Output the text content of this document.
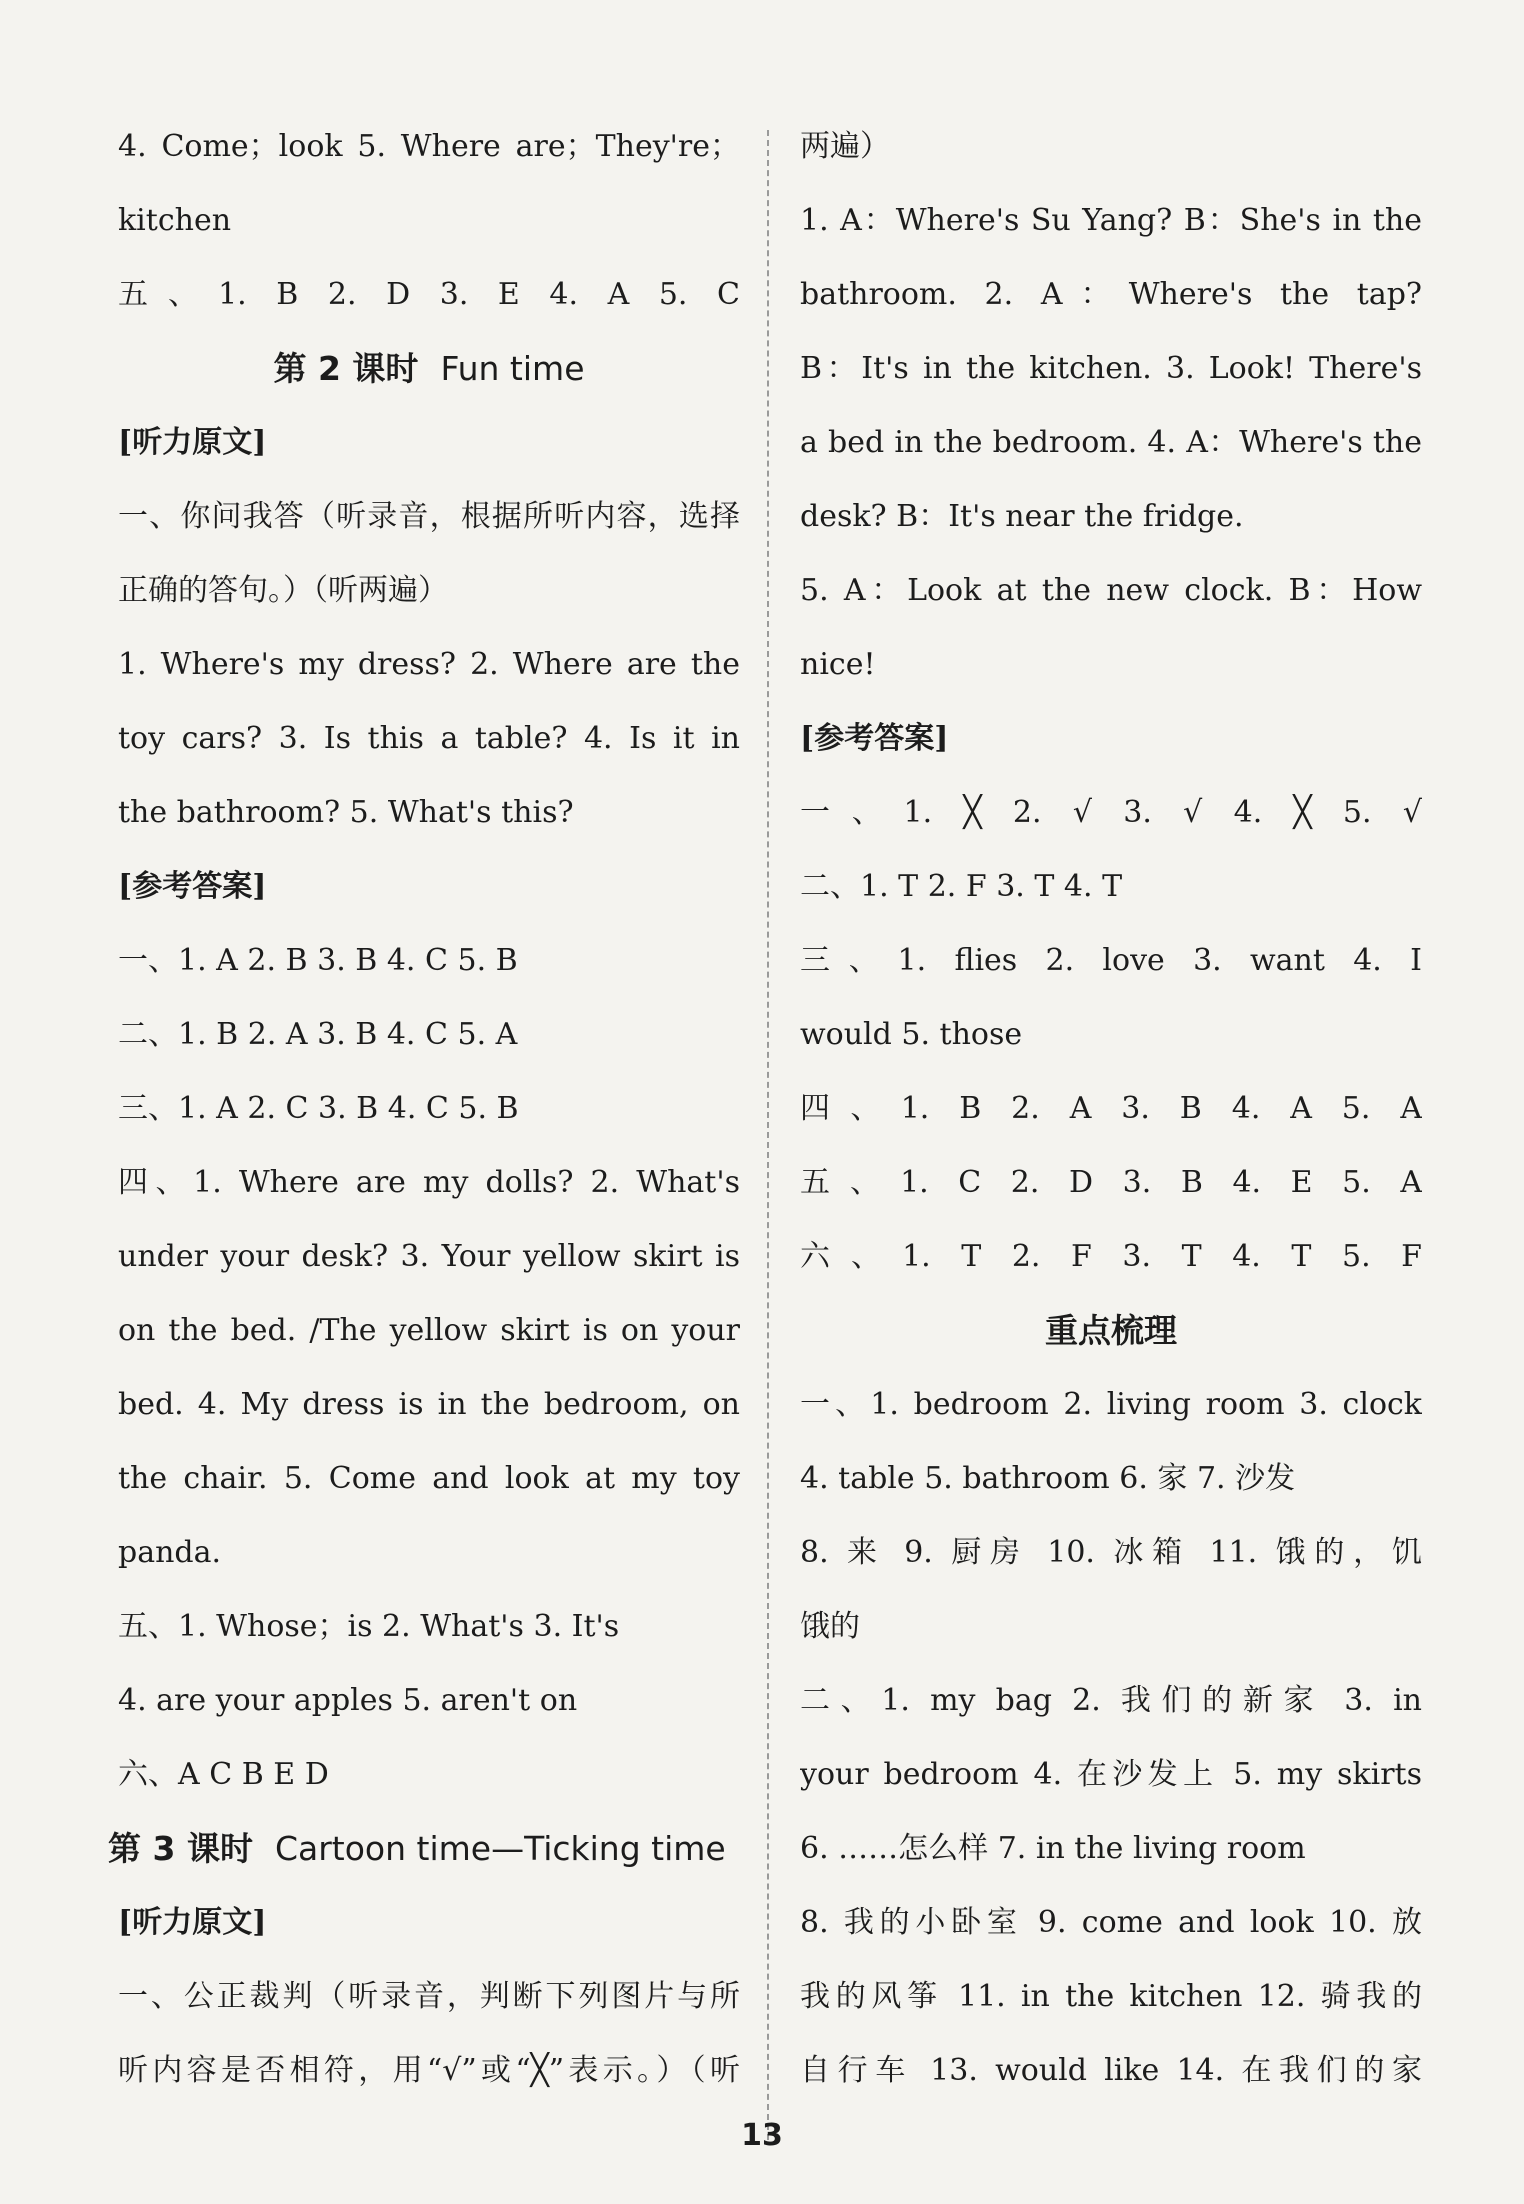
4. Come；look 5. Where are；They're；
kitchen
五、1. B 2. D 3. E 4. A 5. C
第 2 课时 Fun time
[听力原文]
一、你问我答（听录音，根据所听内容，选择
正确的答句。）（听两遍）
1. Where's my dress? 2. Where are the
toy cars? 3. Is this a table? 4. Is it in
the bathroom? 5. What's this?
[参考答案]
一、1. A 2. B 3. B 4. C 5. B
二、1. B 2. A 3. B 4. C 5. A
三、1. A 2. C 3. B 4. C 5. B
四、1. Where are my dolls? 2. What's
under your desk? 3. Your yellow skirt is
on the bed. /The yellow skirt is on your
bed. 4. My dress is in the bedroom, on
the chair. 5. Come and look at my toy
panda.
五、1. Whose；is 2. What's 3. It's
4. are your apples 5. aren't on
六、A C B E D
第 3 课时 Cartoon time—Ticking time
[听力原文]
一、公正裁判（听录音，判断下列图片与所
听内容是否相符，用“√”或“╳”表示。）（听
两遍）
1. A：Where's Su Yang? B：She's in the
bathroom. 2. A：Where's the tap?
B：It's in the kitchen. 3. Look! There's
a bed in the bedroom. 4. A：Where's the
desk? B：It's near the fridge.
5. A：Look at the new clock. B：How
nice!
[参考答案]
一、1. ╳ 2. √ 3. √ 4. ╳ 5. √
二、1. T 2. F 3. T 4. T
三、1. flies 2. love 3. want 4. I
would 5. those
四、1. B 2. A 3. B 4. A 5. A
五、1. C 2. D 3. B 4. E 5. A
六、1. T 2. F 3. T 4. T 5. F
重点梳理
一、1. bedroom 2. living room 3. clock
4. table 5. bathroom 6. 家 7. 沙发
8. 来 9. 厨房 10. 冰箱 11. 饿的，饥
饿的
二、1. my bag 2. 我们的新家 3. in
your bedroom 4. 在沙发上 5. my skirts
6. ……怎么样 7. in the living room
8. 我的小卧室 9. come and look 10. 放
我的风筝 11. in the kitchen 12. 骑我的
自行车 13. would like 14. 在我们的家
13
